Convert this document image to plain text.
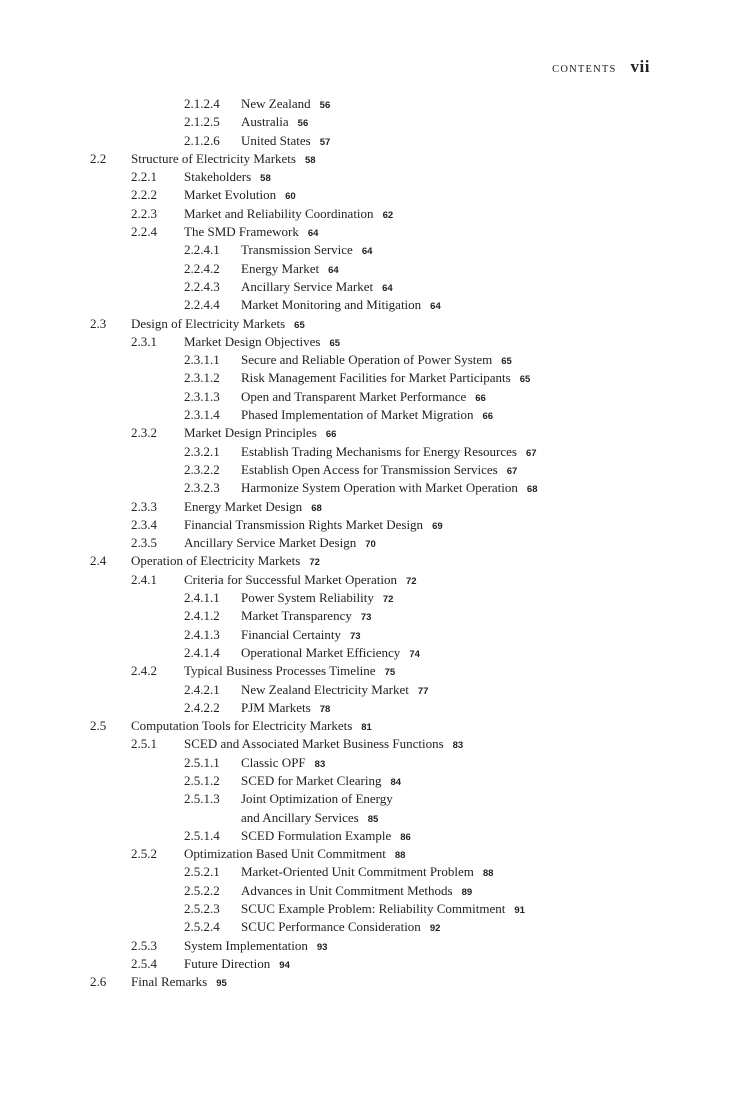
CONTENTS vii
2.1.2.4 New Zealand 56
2.1.2.5 Australia 56
2.1.2.6 United States 57
2.2 Structure of Electricity Markets 58
2.2.1 Stakeholders 58
2.2.2 Market Evolution 60
2.2.3 Market and Reliability Coordination 62
2.2.4 The SMD Framework 64
2.2.4.1 Transmission Service 64
2.2.4.2 Energy Market 64
2.2.4.3 Ancillary Service Market 64
2.2.4.4 Market Monitoring and Mitigation 64
2.3 Design of Electricity Markets 65
2.3.1 Market Design Objectives 65
2.3.1.1 Secure and Reliable Operation of Power System 65
2.3.1.2 Risk Management Facilities for Market Participants 65
2.3.1.3 Open and Transparent Market Performance 66
2.3.1.4 Phased Implementation of Market Migration 66
2.3.2 Market Design Principles 66
2.3.2.1 Establish Trading Mechanisms for Energy Resources 67
2.3.2.2 Establish Open Access for Transmission Services 67
2.3.2.3 Harmonize System Operation with Market Operation 68
2.3.3 Energy Market Design 68
2.3.4 Financial Transmission Rights Market Design 69
2.3.5 Ancillary Service Market Design 70
2.4 Operation of Electricity Markets 72
2.4.1 Criteria for Successful Market Operation 72
2.4.1.1 Power System Reliability 72
2.4.1.2 Market Transparency 73
2.4.1.3 Financial Certainty 73
2.4.1.4 Operational Market Efficiency 74
2.4.2 Typical Business Processes Timeline 75
2.4.2.1 New Zealand Electricity Market 77
2.4.2.2 PJM Markets 78
2.5 Computation Tools for Electricity Markets 81
2.5.1 SCED and Associated Market Business Functions 83
2.5.1.1 Classic OPF 83
2.5.1.2 SCED for Market Clearing 84
2.5.1.3 Joint Optimization of Energy
and Ancillary Services 85
2.5.1.4 SCED Formulation Example 86
2.5.2 Optimization Based Unit Commitment 88
2.5.2.1 Market-Oriented Unit Commitment Problem 88
2.5.2.2 Advances in Unit Commitment Methods 89
2.5.2.3 SCUC Example Problem: Reliability Commitment 91
2.5.2.4 SCUC Performance Consideration 92
2.5.3 System Implementation 93
2.5.4 Future Direction 94
2.6 Final Remarks 95
